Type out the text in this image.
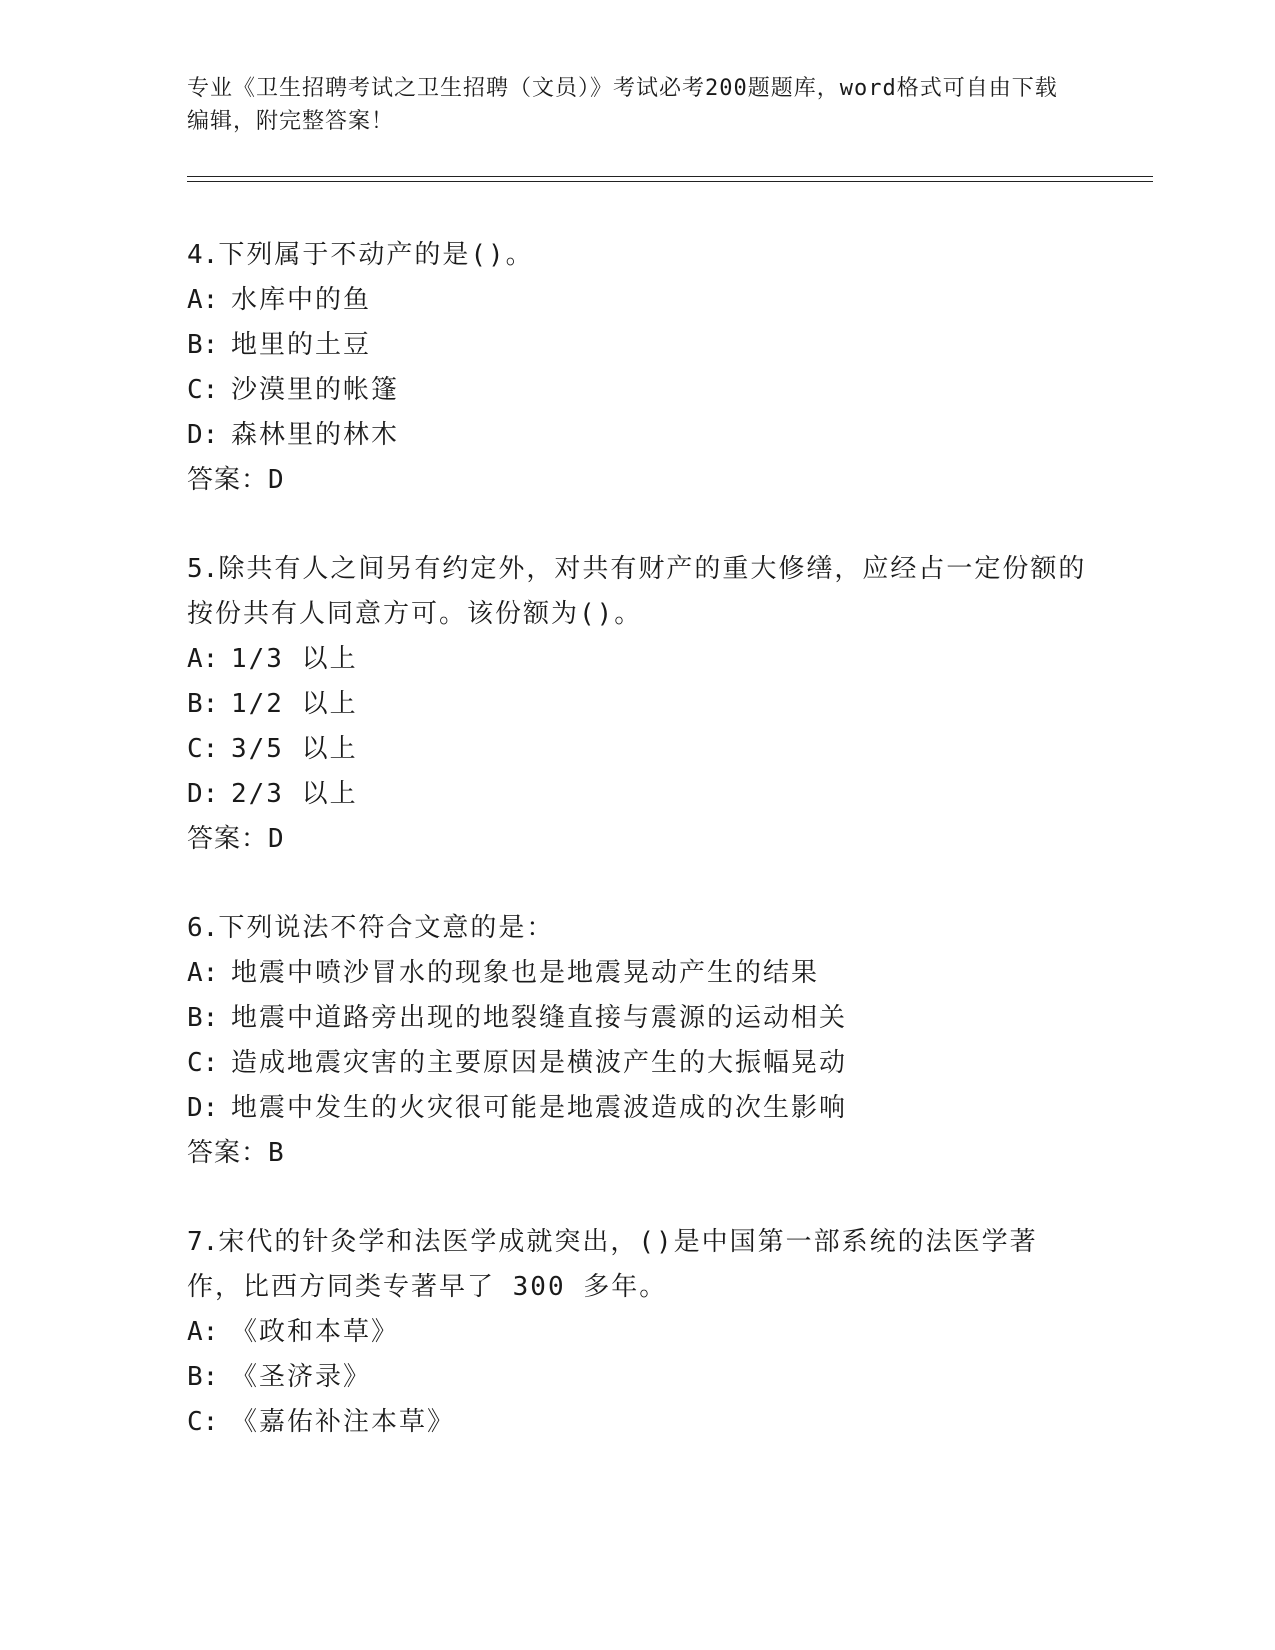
专业《卫生招聘考试之卫生招聘（文员）》考试必考200题题库，word格式可自由下载编辑，附完整答案！
4.下列属于不动产的是()。
A: 水库中的鱼
B: 地里的土豆
C: 沙漠里的帐篷
D: 森林里的林木
答案：D
5.除共有人之间另有约定外，对共有财产的重大修缮，应经占一定份额的按份共有人同意方可。该份额为()。
A: 1/3 以上
B: 1/2 以上
C: 3/5 以上
D: 2/3 以上
答案：D
6.下列说法不符合文意的是：
A: 地震中喷沙冒水的现象也是地震晃动产生的结果
B: 地震中道路旁出现的地裂缝直接与震源的运动相关
C: 造成地震灾害的主要原因是横波产生的大振幅晃动
D: 地震中发生的火灾很可能是地震波造成的次生影响
答案：B
7.宋代的针灸学和法医学成就突出，()是中国第一部系统的法医学著作，比西方同类专著早了 300 多年。
A: 《政和本草》
B: 《圣济录》
C: 《嘉佑补注本草》
